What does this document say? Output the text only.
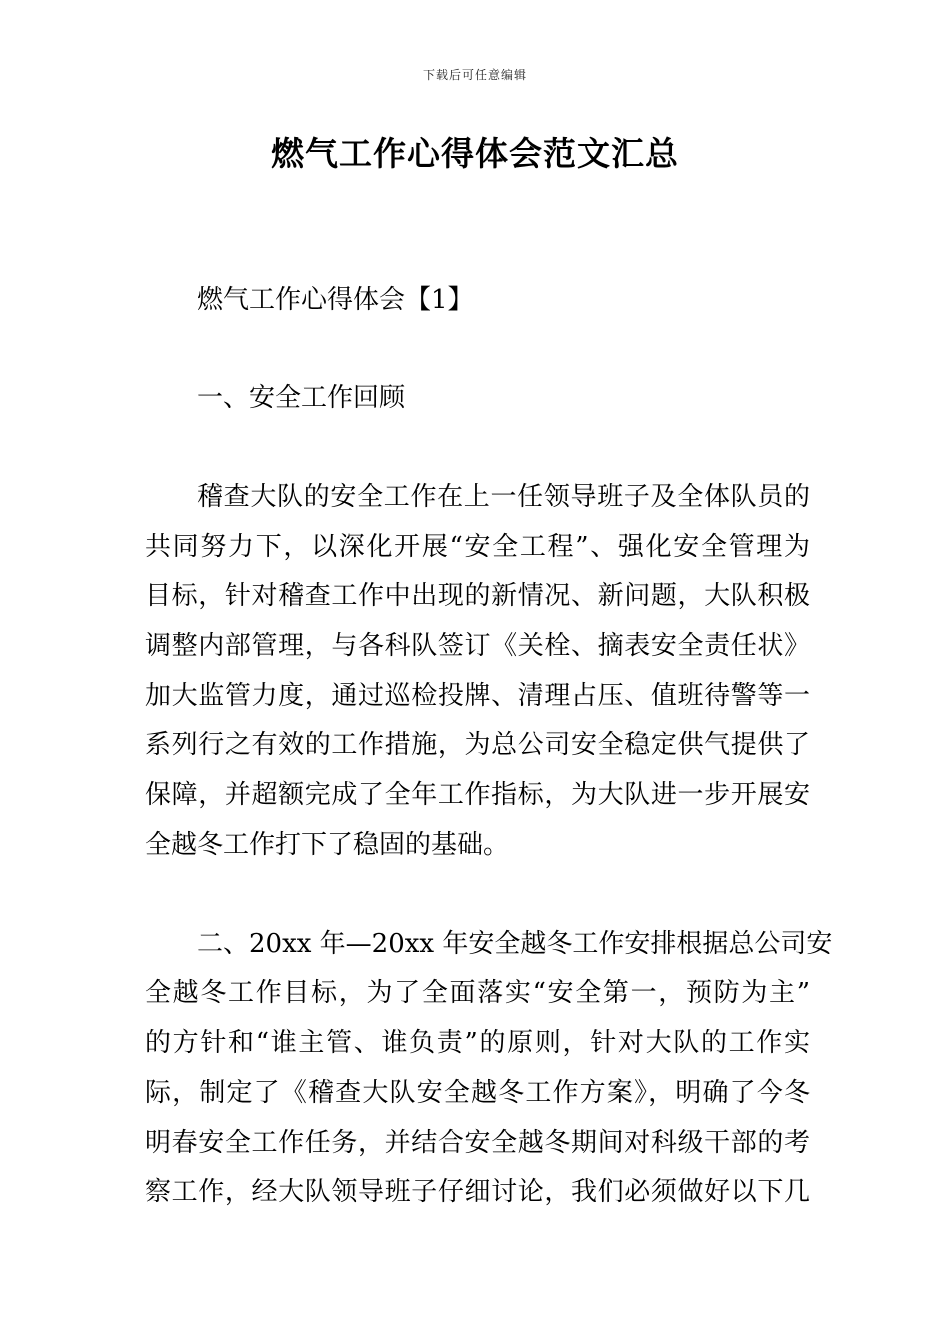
下载后可任意编辑
燃气工作心得体会范文汇总
燃气工作心得体会【1】
一、安全工作回顾
稽查大队的安全工作在上一任领导班子及全体队员的
共同努力下，以深化开展“安全工程”、强化安全管理为
目标，针对稽查工作中出现的新情况、新问题，大队积极
调整内部管理，与各科队签订《关栓、摘表安全责任状》
加大监管力度，通过巡检投牌、清理占压、值班待警等一
系列行之有效的工作措施，为总公司安全稳定供气提供了
保障，并超额完成了全年工作指标，为大队进一步开展安
全越冬工作打下了稳固的基础。
二、20xx 年—20xx 年安全越冬工作安排根据总公司安
全越冬工作目标，为了全面落实“安全第一，预防为主”
的方针和“谁主管、谁负责”的原则，针对大队的工作实
际，制定了《稽查大队安全越冬工作方案》，明确了今冬
明春安全工作任务，并结合安全越冬期间对科级干部的考
察工作，经大队领导班子仔细讨论，我们必须做好以下几
